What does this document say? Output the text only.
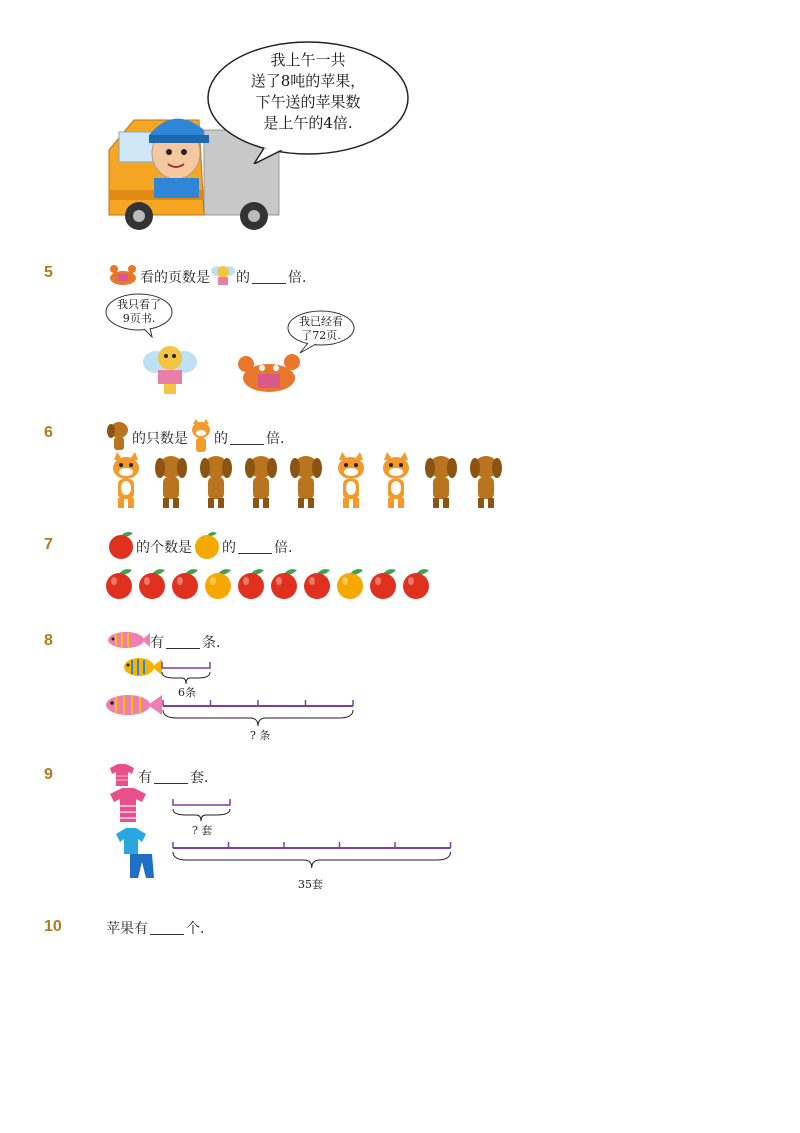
我上午一共
送了8吨的苹果，
下午送的苹果数
是上午的4倍.
5	看的页数是 的	倍.
我只看了
9页书.	我已经看
了72页.
6	的只数是 的	倍.
7	的个数是 的	倍.
8	有	条.
6条
? 条
9	有	套.
? 套
35套
10	苹果有	个.
